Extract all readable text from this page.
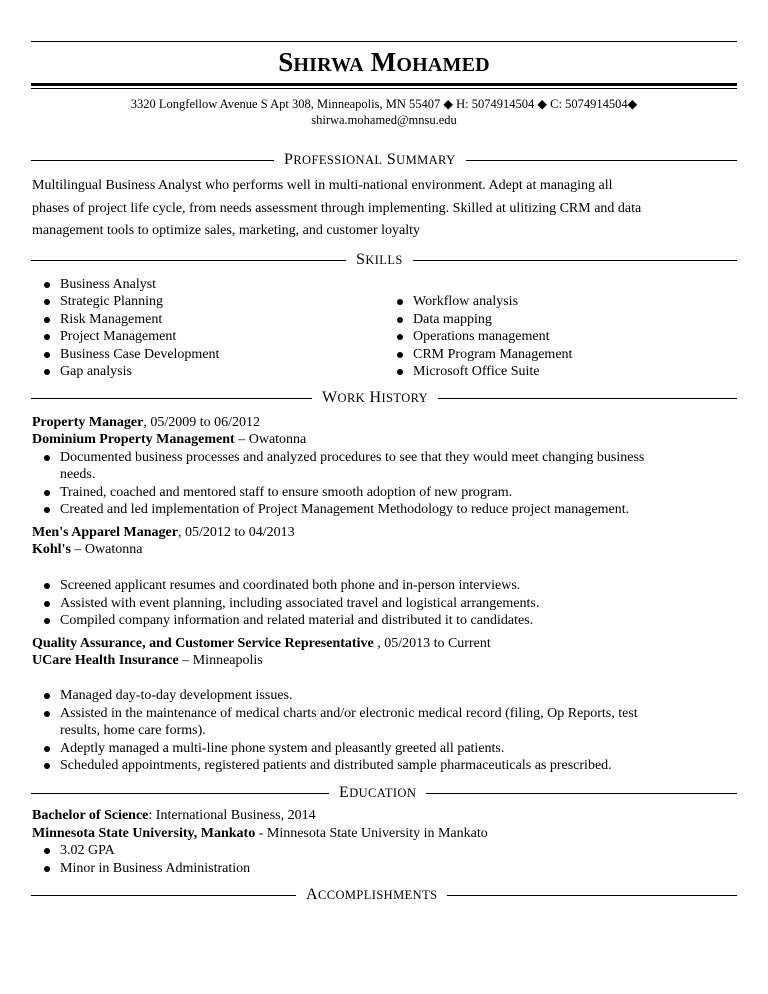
SHIRWA MOHAMED
3320 Longfellow Avenue S Apt 308, Minneapolis, MN 55407 ◆ H: 5074914504 ◆ C: 5074914504◆
shirwa.mohamed@mnsu.edu
PROFESSIONAL SUMMARY
Multilingual Business Analyst who performs well in multi-national environment. Adept at managing all
phases of project life cycle, from needs assessment through implementing. Skilled at ulitizing CRM and data
management tools to optimize sales, marketing, and customer loyalty
SKILLS
Business Analyst
Strategic Planning
Risk Management
Project Management
Business Case Development
Gap analysis
Workflow analysis
Data mapping
Operations management
CRM Program Management
Microsoft Office Suite
WORK HISTORY
Property Manager, 05/2009 to 06/2012
Dominium Property Management – Owatonna
Documented business processes and analyzed procedures to see that they would meet changing business
needs.
Trained, coached and mentored staff to ensure smooth adoption of new program.
Created and led implementation of Project Management Methodology to reduce project management.
Men's Apparel Manager, 05/2012 to 04/2013
Kohl's – Owatonna
Screened applicant resumes and coordinated both phone and in-person interviews.
Assisted with event planning, including associated travel and logistical arrangements.
Compiled company information and related material and distributed it to candidates.
Quality Assurance, and Customer Service Representative , 05/2013 to Current
UCare Health Insurance – Minneapolis
Managed day-to-day development issues.
Assisted in the maintenance of medical charts and/or electronic medical record (filing, Op Reports, test
results, home care forms).
Adeptly managed a multi-line phone system and pleasantly greeted all patients.
Scheduled appointments, registered patients and distributed sample pharmaceuticals as prescribed.
EDUCATION
Bachelor of Science: International Business, 2014
Minnesota State University, Mankato - Minnesota State University in Mankato
3.02 GPA
Minor in Business Administration
ACCOMPLISHMENTS
